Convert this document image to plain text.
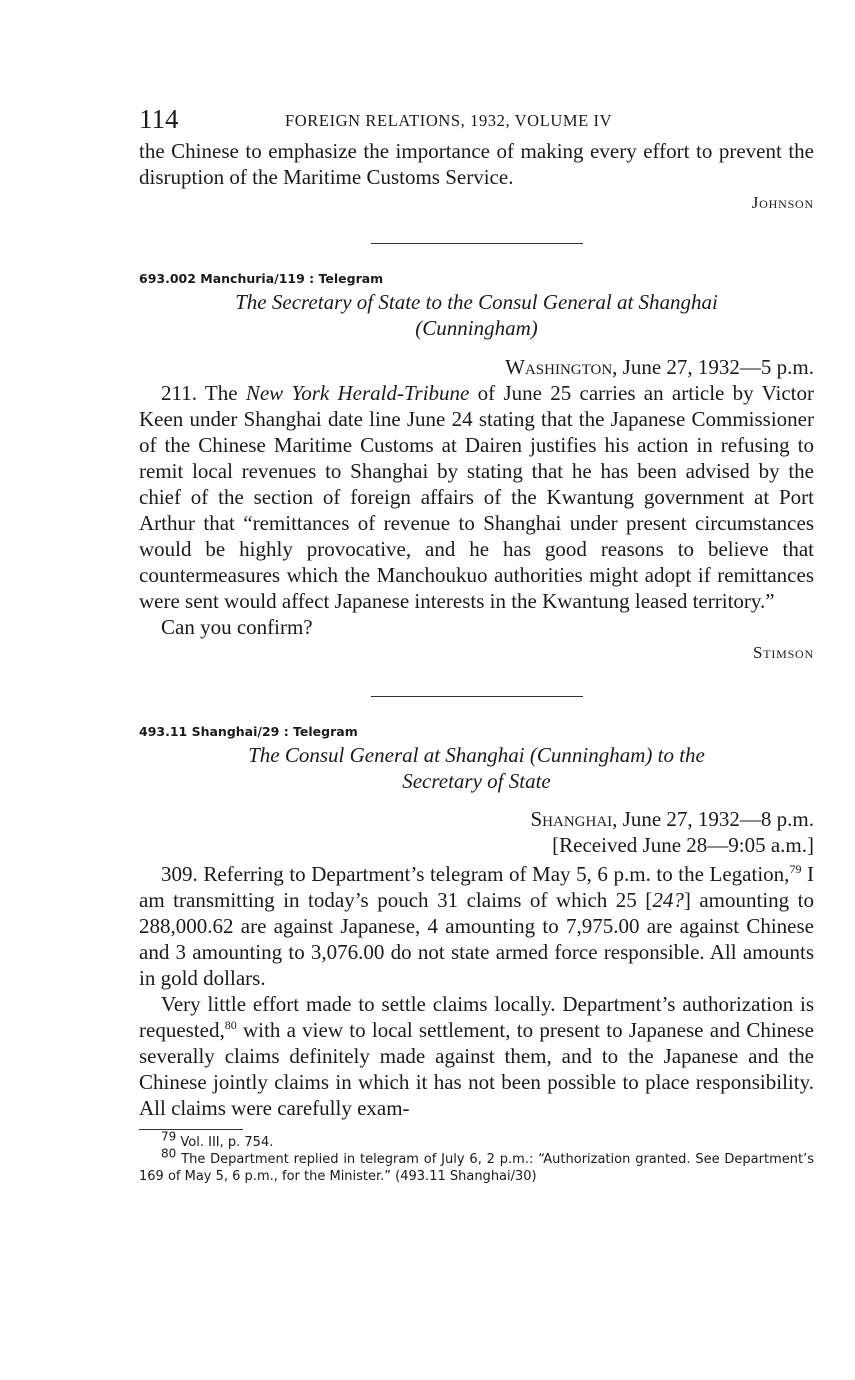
114	FOREIGN RELATIONS, 1932, VOLUME IV

the Chinese to emphasize the importance of making every effort to prevent the disruption of the Maritime Customs Service.

Johnson
693.002 Manchuria/119 : Telegram
The Secretary of State to the Consul General at Shanghai
(Cunningham)
Washington, June 27, 1932—5 p.m.

211. The New York Herald-Tribune of June 25 carries an article by Victor Keen under Shanghai date line June 24 stating that the Japanese Commissioner of the Chinese Maritime Customs at Dairen justifies his action in refusing to remit local revenues to Shanghai by stating that he has been advised by the chief of the section of foreign affairs of the Kwantung government at Port Arthur that “remittances of revenue to Shanghai under present circumstances would be highly provocative, and he has good reasons to believe that countermeasures which the Manchoukuo authorities might adopt if remittances were sent would affect Japanese interests in the Kwantung leased territory.”

Can you confirm?

Stimson
493.11 Shanghai/29 : Telegram
The Consul General at Shanghai (Cunningham) to the
Secretary of State
Shanghai, June 27, 1932—8 p.m.
[Received June 28—9:05 a.m.]

309. Referring to Department’s telegram of May 5, 6 p.m. to the Legation,$^{79}$ I am transmitting in today’s pouch 31 claims of which 25 [24?] amounting to 288,000.62 are against Japanese, 4 amounting to 7,975.00 are against Chinese and 3 amounting to 3,076.00 do not state armed force responsible. All amounts in gold dollars.

Very little effort made to settle claims locally. Department’s authorization is requested,$^{80}$ with a view to local settlement, to present to Japanese and Chinese severally claims definitely made against them, and to the Japanese and the Chinese jointly claims in which it has not been possible to place responsibility. All claims were carefully exam-

$^{79}$ Vol. III, p. 754.

$^{80}$ The Department replied in telegram of July 6, 2 p.m.: “Authorization granted. See Department’s 169 of May 5, 6 p.m., for the Minister.” (493.11 Shanghai/30)
